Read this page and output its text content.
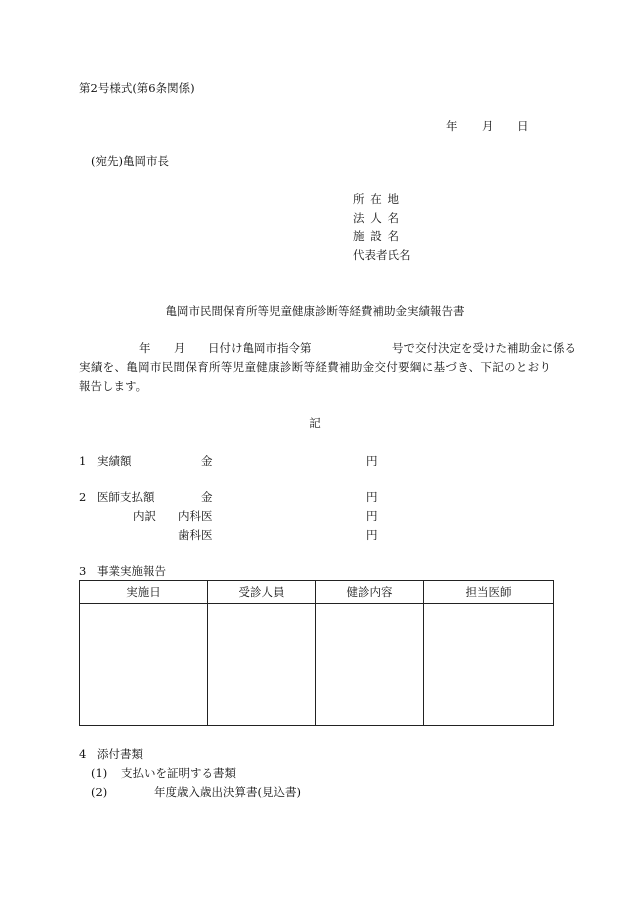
第2号様式(第6条関係)
年 月 日
(宛先)亀岡市長
所在地
法人名
施設名
代表者氏名
亀岡市民間保育所等児童健康診断等経費補助金実績報告書
年 月 日付け亀岡市指令第	号で交付決定を受けた補助金に係る
実績を、亀岡市民間保育所等児童健康診断等経費補助金交付要綱に基づき、下記のとおり
報告します。
記
1 実績額	金	円
2 医師支払額	金	円
内訳 内科医	円
歯科医	円
3 事業実施報告
実施日	受診人員	健診内容	担当医師

4 添付書類
(1) 支払いを証明する書類
(2)	年度歳入歳出決算書(見込書)
